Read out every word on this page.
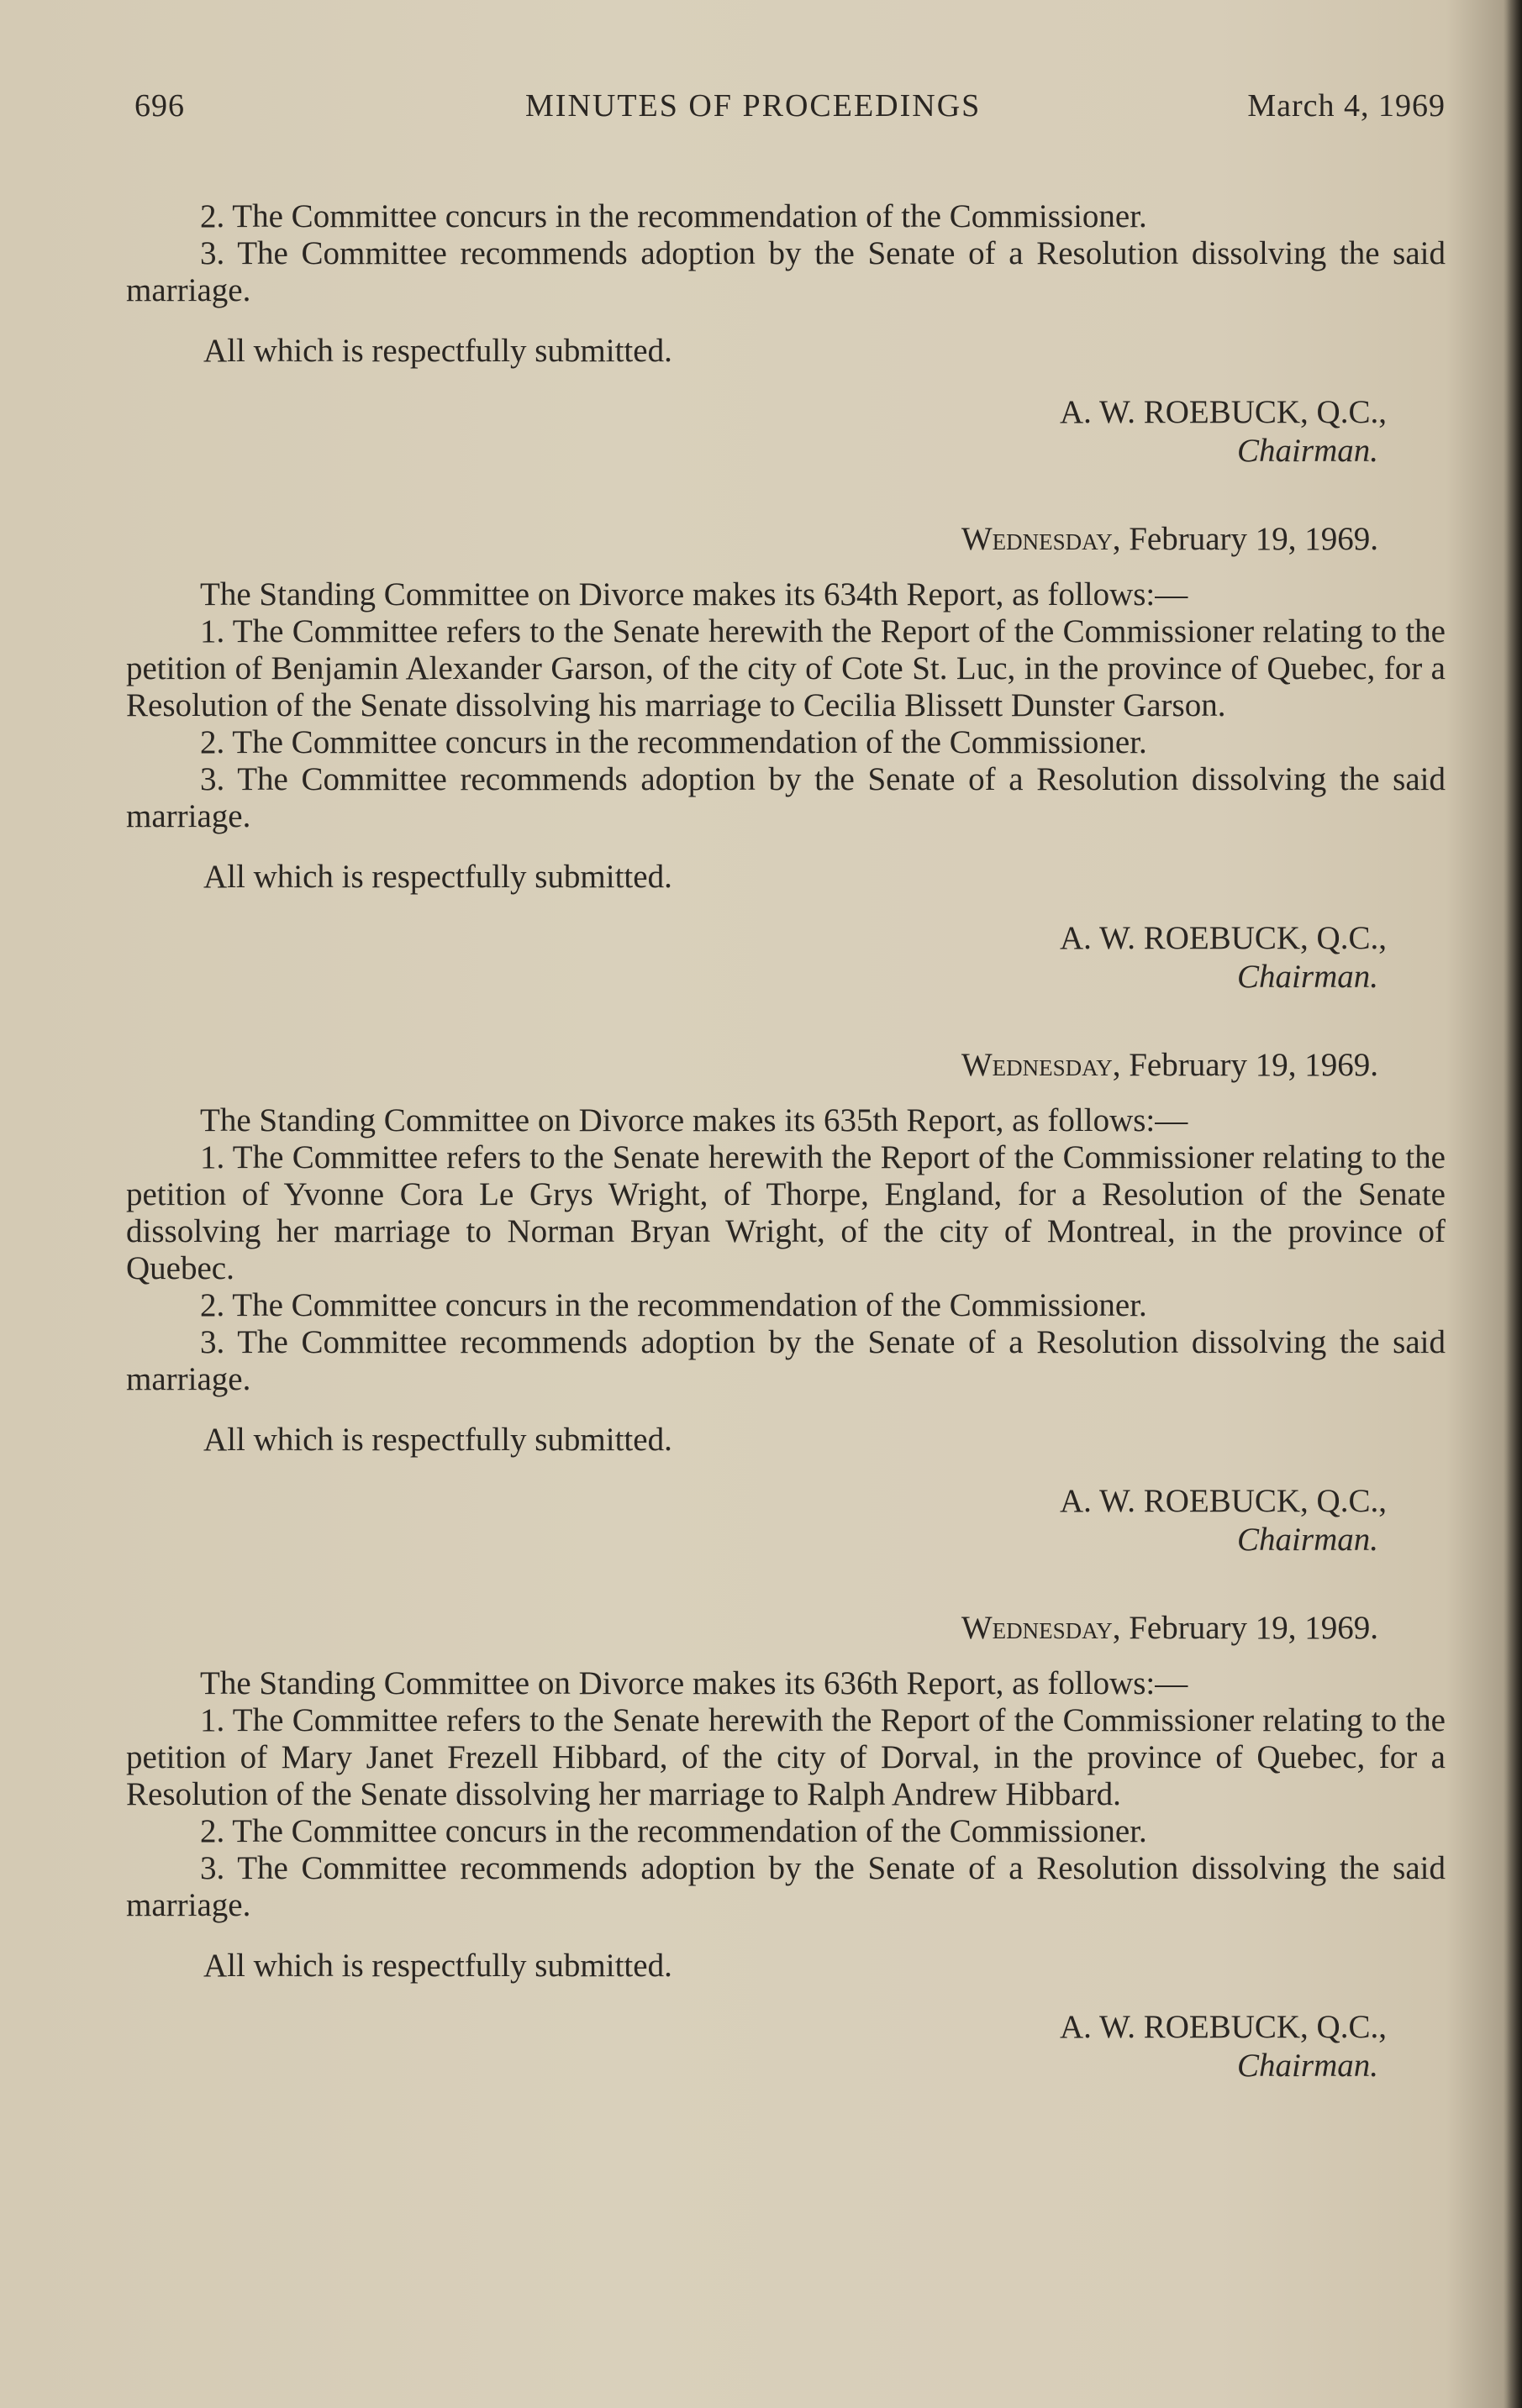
696	MINUTES OF PROCEEDINGS	March 4, 1969

2. The Committee concurs in the recommendation of the Commissioner.

3. The Committee recommends adoption by the Senate of a Resolution dissolving the said marriage.

All which is respectfully submitted.

A. W. ROEBUCK, Q.C.,
Chairman.
Wednesday, February 19, 1969.

The Standing Committee on Divorce makes its 634th Report, as follows:—

1. The Committee refers to the Senate herewith the Report of the Commissioner relating to the petition of Benjamin Alexander Garson, of the city of Cote St. Luc, in the province of Quebec, for a Resolution of the Senate dissolving his marriage to Cecilia Blissett Dunster Garson.

2. The Committee concurs in the recommendation of the Commissioner.

3. The Committee recommends adoption by the Senate of a Resolution dissolving the said marriage.

All which is respectfully submitted.

A. W. ROEBUCK, Q.C.,
Chairman.
Wednesday, February 19, 1969.

The Standing Committee on Divorce makes its 635th Report, as follows:—

1. The Committee refers to the Senate herewith the Report of the Commissioner relating to the petition of Yvonne Cora Le Grys Wright, of Thorpe, England, for a Resolution of the Senate dissolving her marriage to Norman Bryan Wright, of the city of Montreal, in the province of Quebec.

2. The Committee concurs in the recommendation of the Commissioner.

3. The Committee recommends adoption by the Senate of a Resolution dissolving the said marriage.

All which is respectfully submitted.

A. W. ROEBUCK, Q.C.,
Chairman.
Wednesday, February 19, 1969.

The Standing Committee on Divorce makes its 636th Report, as follows:—

1. The Committee refers to the Senate herewith the Report of the Commissioner relating to the petition of Mary Janet Frezell Hibbard, of the city of Dorval, in the province of Quebec, for a Resolution of the Senate dissolving her marriage to Ralph Andrew Hibbard.

2. The Committee concurs in the recommendation of the Commissioner.

3. The Committee recommends adoption by the Senate of a Resolution dissolving the said marriage.

All which is respectfully submitted.

A. W. ROEBUCK, Q.C.,
Chairman.
